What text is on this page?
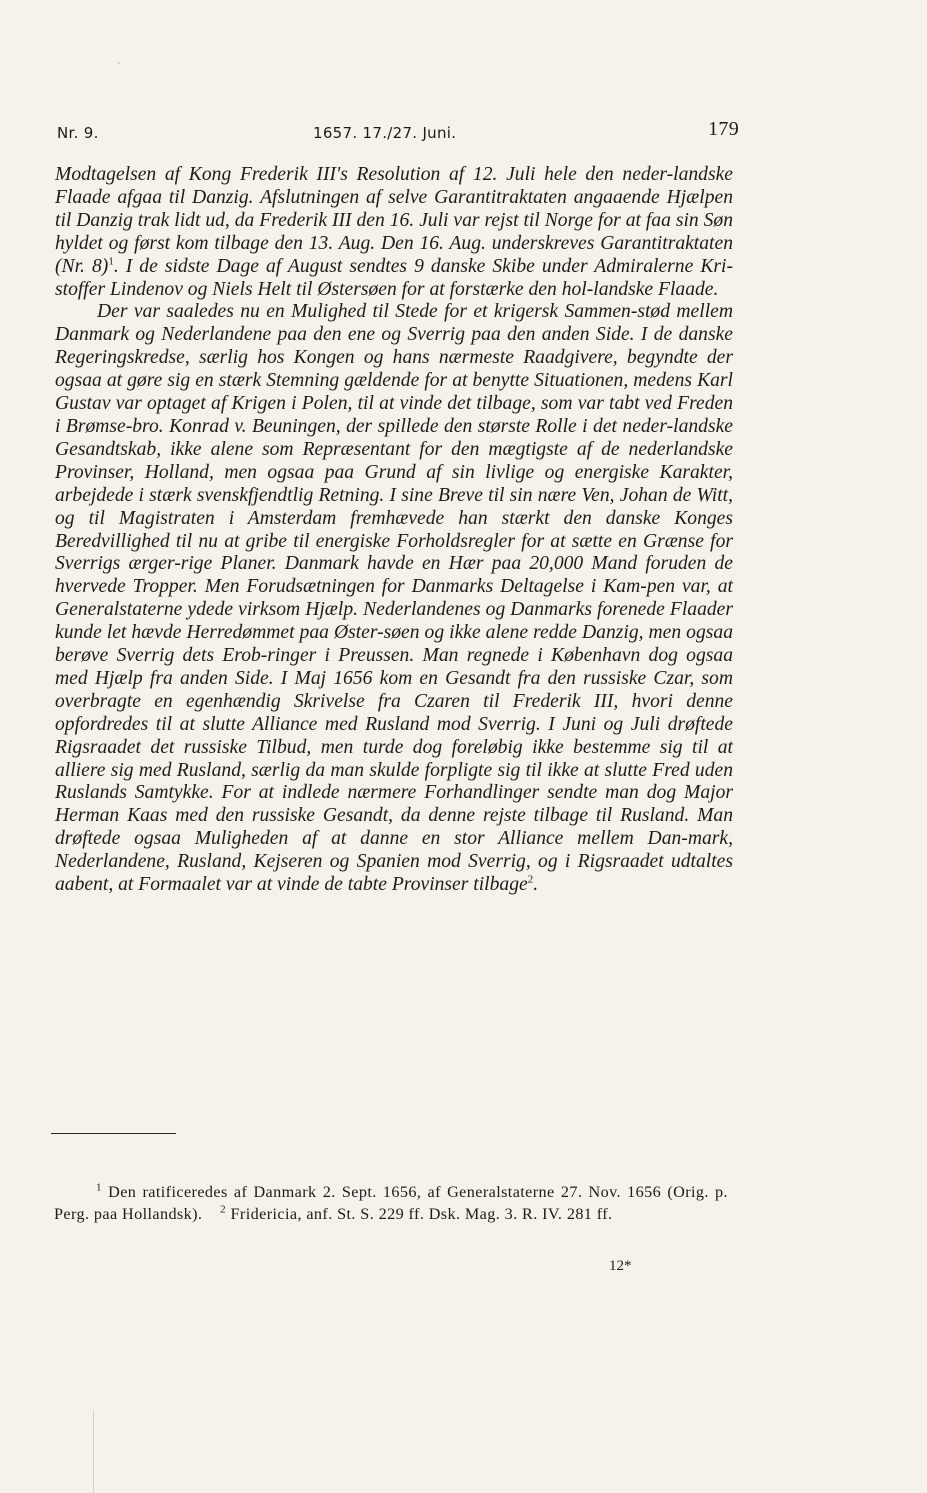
Nr. 9.	1657. 17./27. Juni.	179

Modtagelsen af Kong Frederik III's Resolution af 12. Juli hele den neder-landske Flaade afgaa til Danzig. Afslutningen af selve Garantitraktaten angaaende Hjælpen til Danzig trak lidt ud, da Frederik III den 16. Juli var rejst til Norge for at faa sin Søn hyldet og først kom tilbage den 13. Aug. Den 16. Aug. underskreves Garantitraktaten (Nr. 8)$^1$. I de sidste Dage af August sendtes 9 danske Skibe under Admiralerne Kri-stoffer Lindenov og Niels Helt til Østersøen for at forstærke den hol-landske Flaade.

Der var saaledes nu en Mulighed til Stede for et krigersk Sammen-stød mellem Danmark og Nederlandene paa den ene og Sverrig paa den anden Side. I de danske Regeringskredse, særlig hos Kongen og hans nærmeste Raadgivere, begyndte der ogsaa at gøre sig en stærk Stemning gældende for at benytte Situationen, medens Karl Gustav var optaget af Krigen i Polen, til at vinde det tilbage, som var tabt ved Freden i Brømse-bro. Konrad v. Beuningen, der spillede den største Rolle i det neder-landske Gesandtskab, ikke alene som Repræsentant for den mægtigste af de nederlandske Provinser, Holland, men ogsaa paa Grund af sin livlige og energiske Karakter, arbejdede i stærk svenskfjendtlig Retning. I sine Breve til sin nære Ven, Johan de Witt, og til Magistraten i Amsterdam fremhævede han stærkt den danske Konges Beredvillighed til nu at gribe til energiske Forholdsregler for at sætte en Grænse for Sverrigs ærger-rige Planer. Danmark havde en Hær paa 20,000 Mand foruden de hvervede Tropper. Men Forudsætningen for Danmarks Deltagelse i Kam-pen var, at Generalstaterne ydede virksom Hjælp. Nederlandenes og Danmarks forenede Flaader kunde let hævde Herredømmet paa Øster-søen og ikke alene redde Danzig, men ogsaa berøve Sverrig dets Erob-ringer i Preussen. Man regnede i København dog ogsaa med Hjælp fra anden Side. I Maj 1656 kom en Gesandt fra den russiske Czar, som overbragte en egenhændig Skrivelse fra Czaren til Frederik III, hvori denne opfordredes til at slutte Alliance med Rusland mod Sverrig. I Juni og Juli drøftede Rigsraadet det russiske Tilbud, men turde dog foreløbig ikke bestemme sig til at alliere sig med Rusland, særlig da man skulde forpligte sig til ikke at slutte Fred uden Ruslands Samtykke. For at indlede nærmere Forhandlinger sendte man dog Major Herman Kaas med den russiske Gesandt, da denne rejste tilbage til Rusland. Man drøftede ogsaa Muligheden af at danne en stor Alliance mellem Dan-mark, Nederlandene, Rusland, Kejseren og Spanien mod Sverrig, og i Rigsraadet udtaltes aabent, at Formaalet var at vinde de tabte Provinser tilbage$^2$.

$^1$ Den ratificeredes af Danmark 2. Sept. 1656, af Generalstaterne 27. Nov. 1656 (Orig. p. Perg. paa Hollandsk). $^2$ Fridericia, anf. St. S. 229 ff. Dsk. Mag. 3. R. IV. 281 ff.

12*
